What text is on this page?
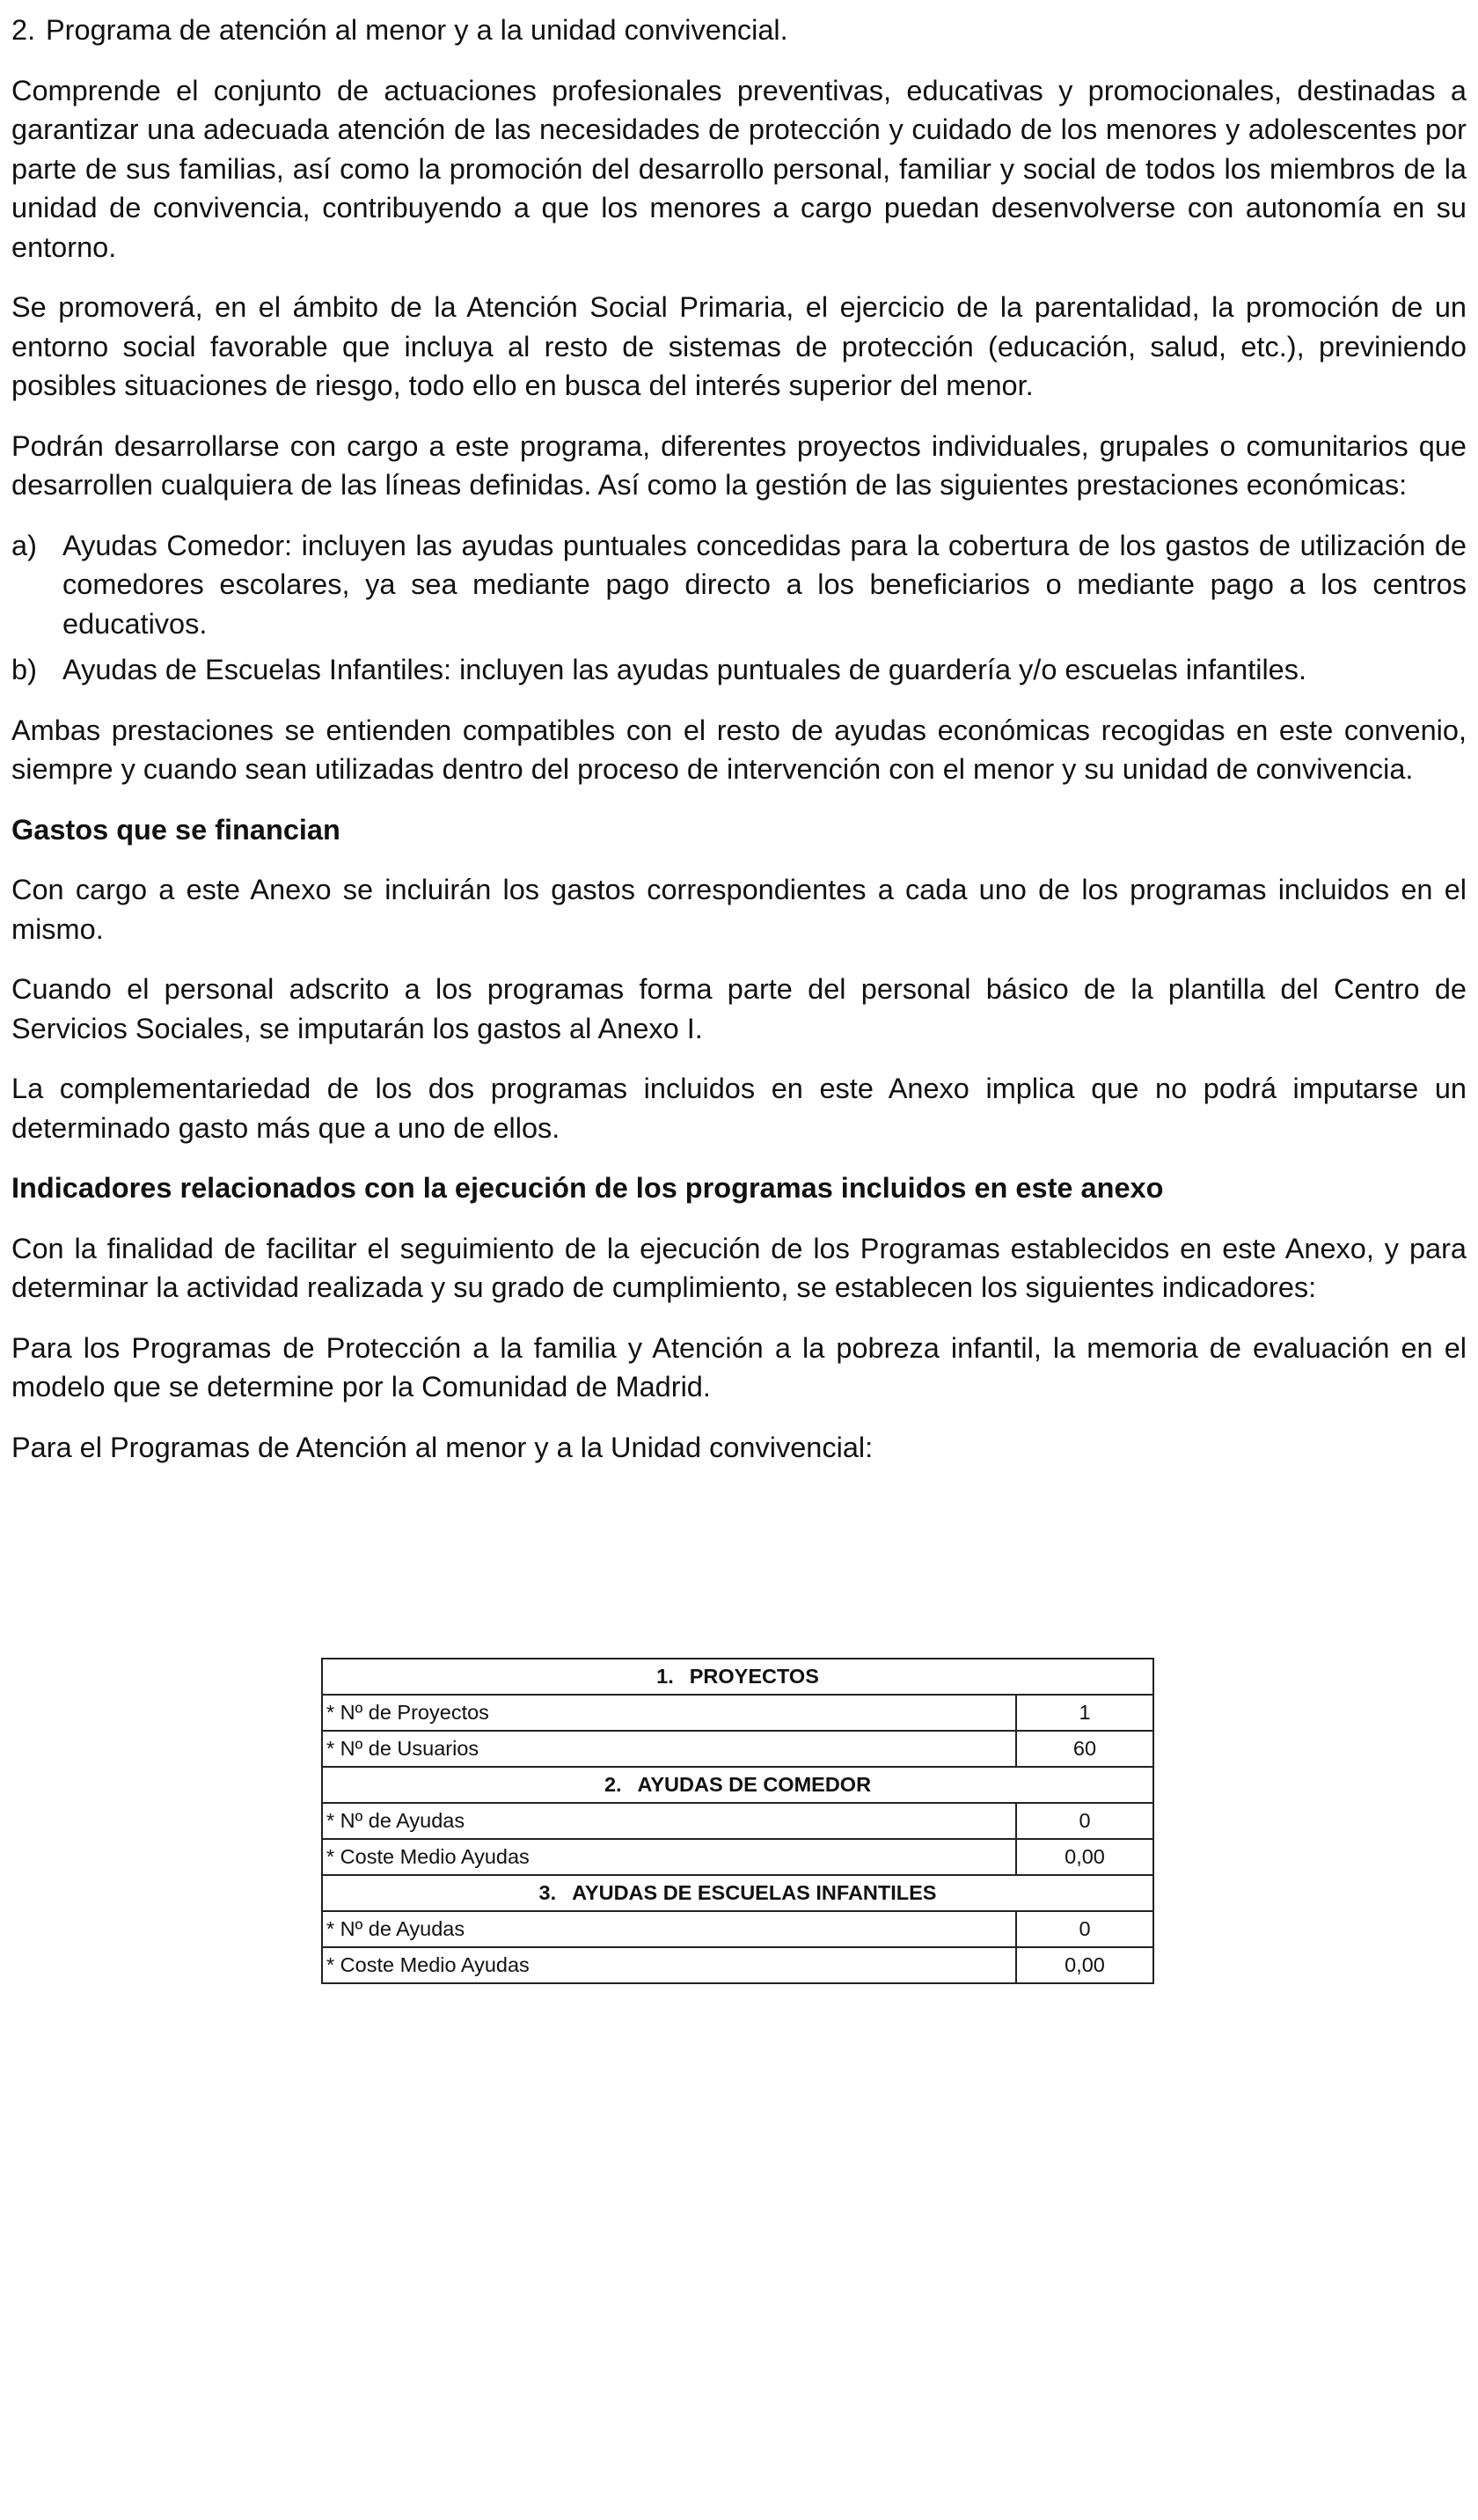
2. Programa de atención al menor y a la unidad convivencial.

Comprende el conjunto de actuaciones profesionales preventivas, educativas y promocionales, destinadas a garantizar una adecuada atención de las necesidades de protección y cuidado de los menores y adolescentes por parte de sus familias, así como la promoción del desarrollo personal, familiar y social de todos los miembros de la unidad de convivencia, contribuyendo a que los menores a cargo puedan desenvolverse con autonomía en su entorno.

Se promoverá, en el ámbito de la Atención Social Primaria, el ejercicio de la parentalidad, la promoción de un entorno social favorable que incluya al resto de sistemas de protección (educación, salud, etc.), previniendo posibles situaciones de riesgo, todo ello en busca del interés superior del menor.

Podrán desarrollarse con cargo a este programa, diferentes proyectos individuales, grupales o comunitarios que desarrollen cualquiera de las líneas definidas. Así como la gestión de las siguientes prestaciones económicas:

a) Ayudas Comedor: incluyen las ayudas puntuales concedidas para la cobertura de los gastos de utilización de comedores escolares, ya sea mediante pago directo a los beneficiarios o mediante pago a los centros educativos.
b) Ayudas de Escuelas Infantiles: incluyen las ayudas puntuales de guardería y/o escuelas infantiles.

Ambas prestaciones se entienden compatibles con el resto de ayudas económicas recogidas en este convenio, siempre y cuando sean utilizadas dentro del proceso de intervención con el menor y su unidad de convivencia.

Gastos que se financian

Con cargo a este Anexo se incluirán los gastos correspondientes a cada uno de los programas incluidos en el mismo.

Cuando el personal adscrito a los programas forma parte del personal básico de la plantilla del Centro de Servicios Sociales, se imputarán los gastos al Anexo I.

La complementariedad de los dos programas incluidos en este Anexo implica que no podrá imputarse un determinado gasto más que a uno de ellos.

Indicadores relacionados con la ejecución de los programas incluidos en este anexo

Con la finalidad de facilitar el seguimiento de la ejecución de los Programas establecidos en este Anexo, y para determinar la actividad realizada y su grado de cumplimiento, se establecen los siguientes indicadores:

Para los Programas de Protección a la familia y Atención a la pobreza infantil, la memoria de evaluación en el modelo que se determine por la Comunidad de Madrid.

Para el Programas de Atención al menor y a la Unidad convivencial:

1. PROYECTOS	
* Nº de Proyectos	1
* Nº de Usuarios	60
2. AYUDAS DE COMEDOR	
* Nº de Ayudas	0
* Coste Medio Ayudas	0,00
3. AYUDAS DE ESCUELAS INFANTILES	
* Nº de Ayudas	0
* Coste Medio Ayudas	0,00
